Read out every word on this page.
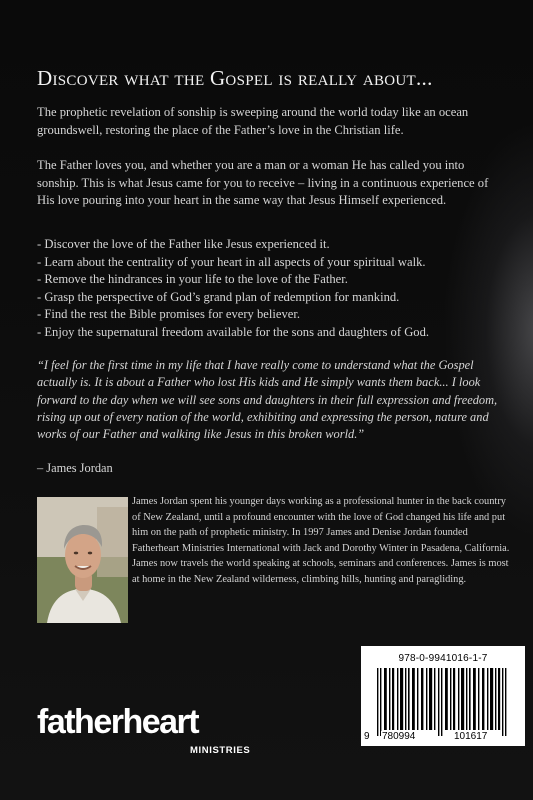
Discover what the Gospel is really about...

The prophetic revelation of sonship is sweeping around the world today like an ocean groundswell, restoring the place of the Father’s love in the Christian life.

The Father loves you, and whether you are a man or a woman He has called you into sonship. This is what Jesus came for you to receive – living in a continuous experience of His love pouring into your heart in the same way that Jesus Himself experienced.

- Discover the love of the Father like Jesus experienced it.
- Learn about the centrality of your heart in all aspects of your spiritual walk.
- Remove the hindrances in your life to the love of the Father.
- Grasp the perspective of God’s grand plan of redemption for mankind.
- Find the rest the Bible promises for every believer.
- Enjoy the supernatural freedom available for the sons and daughters of God.

“I feel for the first time in my life that I have really come to understand what the Gospel actually is. It is about a Father who lost His kids and He simply wants them back... I look forward to the day when we will see sons and daughters in their full expression and freedom, rising up out of every nation of the world, exhibiting and expressing the person, nature and works of our Father and walking like Jesus in this broken world.”

– James Jordan

James Jordan spent his younger days working as a professional hunter in the back country of New Zealand, until a profound encounter with the love of God changed his life and put him on the path of prophetic ministry. In 1997 James and Denise Jordan founded Fatherheart Ministries International with Jack and Dorothy Winter in Pasadena, California. James now travels the world speaking at schools, seminars and conferences. James is most at home in the New Zealand wilderness, climbing hills, hunting and paragliding.

fatherheart
MINISTRIES
978-0-9941016-1-7
9 780994	101617
